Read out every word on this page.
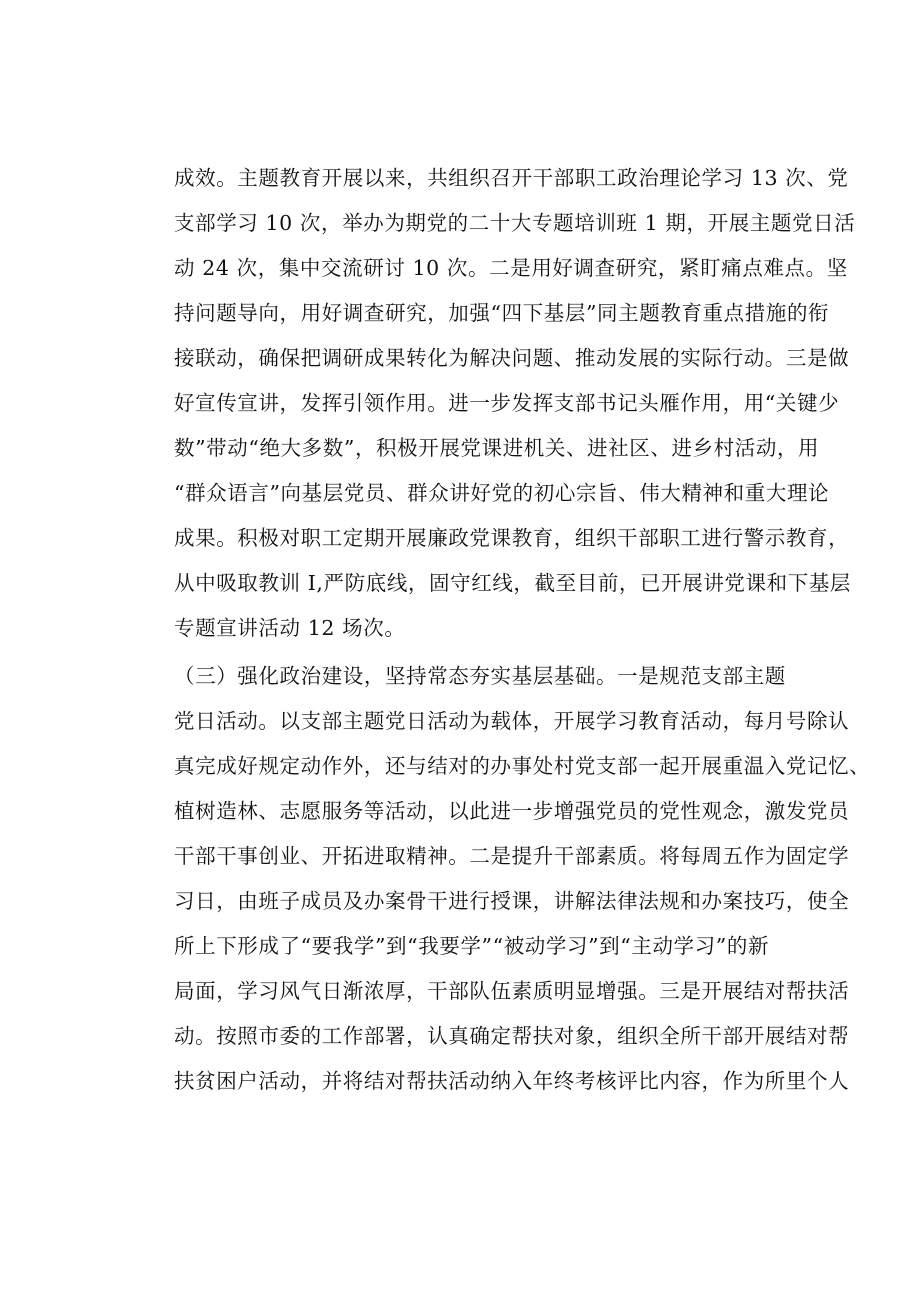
成效。主题教育开展以来，共组织召开干部职工政治理论学习 13 次、党
支部学习 10 次，举办为期党的二十大专题培训班 1 期，开展主题党日活
动 24 次，集中交流研讨 10 次。二是用好调查研究，紧盯痛点难点。坚
持问题导向，用好调查研究，加强“四下基层”同主题教育重点措施的衔
接联动，确保把调研成果转化为解决问题、推动发展的实际行动。三是做
好宣传宣讲，发挥引领作用。进一步发挥支部书记头雁作用，用“关键少
数”带动“绝大多数”，积极开展党课进机关、进社区、进乡村活动，用
“群众语言”向基层党员、群众讲好党的初心宗旨、伟大精神和重大理论
成果。积极对职工定期开展廉政党课教育，组织干部职工进行警示教育，
从中吸取教训 I,严防底线，固守红线，截至目前，已开展讲党课和下基层
专题宣讲活动 12 场次。
（三）强化政治建设，坚持常态夯实基层基础。一是规范支部主题
党日活动。以支部主题党日活动为载体，开展学习教育活动，每月号除认
真完成好规定动作外，还与结对的办事处村党支部一起开展重温入党记忆、
植树造林、志愿服务等活动，以此进一步增强党员的党性观念，激发党员
干部干事创业、开拓进取精神。二是提升干部素质。将每周五作为固定学
习日，由班子成员及办案骨干进行授课，讲解法律法规和办案技巧，使全
所上下形成了“要我学”到“我要学”“被动学习”到“主动学习”的新
局面，学习风气日渐浓厚，干部队伍素质明显增强。三是开展结对帮扶活
动。按照市委的工作部署，认真确定帮扶对象，组织全所干部开展结对帮
扶贫困户活动，并将结对帮扶活动纳入年终考核评比内容，作为所里个人
